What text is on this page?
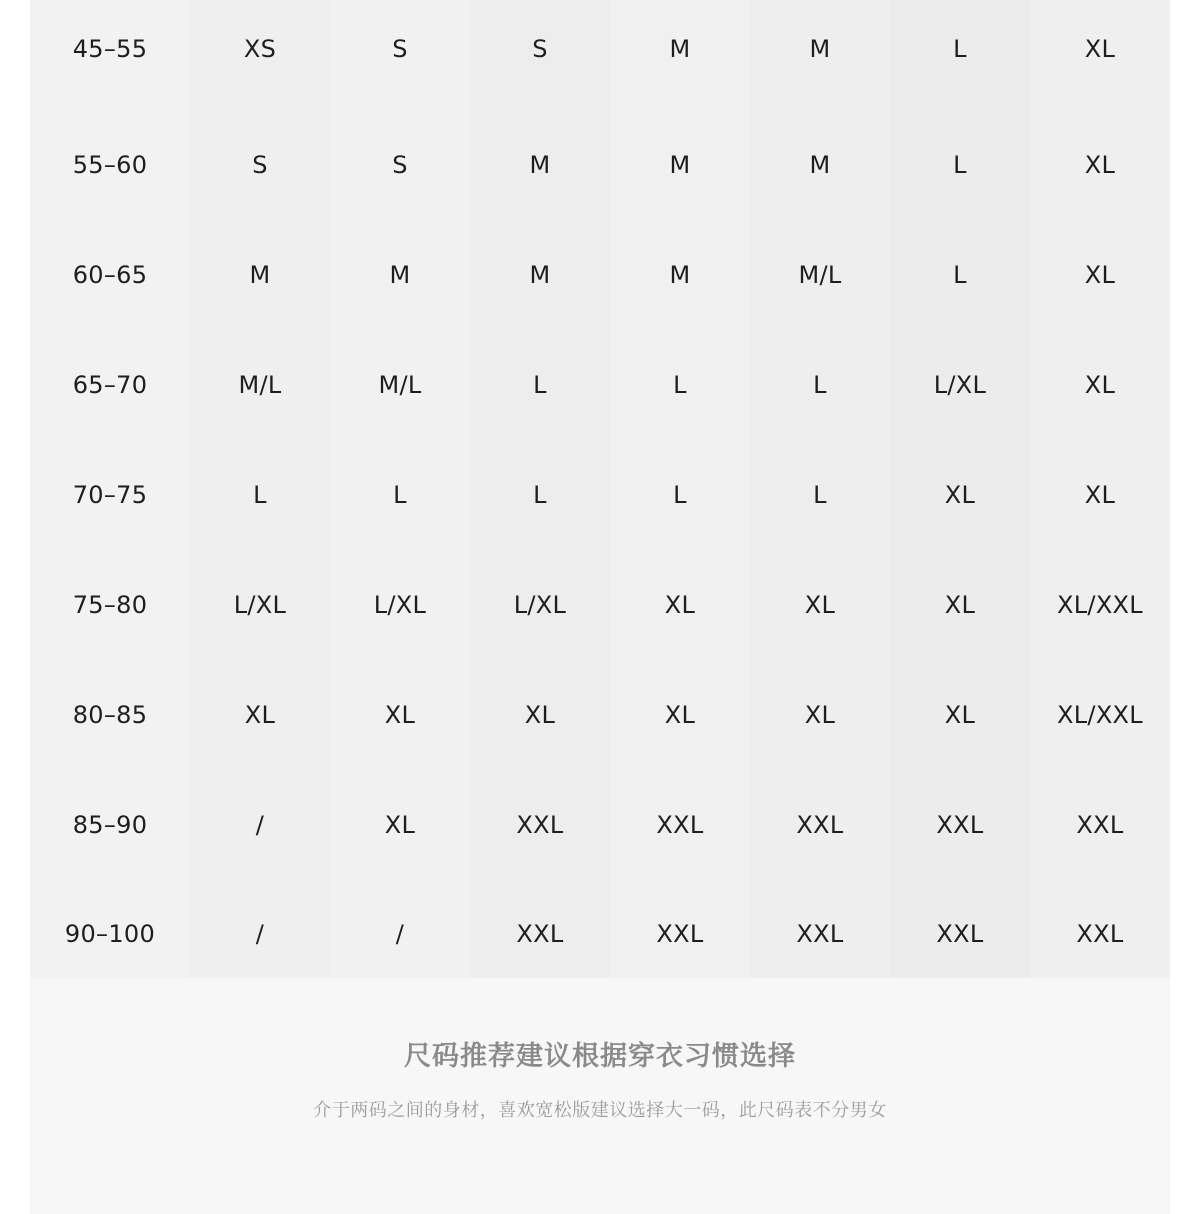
45–55	XS	S	S	M	M	L	XL
55–60	S	S	M	M	M	L	XL
60–65	M	M	M	M	M/L	L	XL
65–70	M/L	M/L	L	L	L	L/XL	XL
70–75	L	L	L	L	L	XL	XL
75–80	L/XL	L/XL	L/XL	XL	XL	XL	XL/XXL
80–85	XL	XL	XL	XL	XL	XL	XL/XXL
85–90	/	XL	XXL	XXL	XXL	XXL	XXL
90–100	/	/	XXL	XXL	XXL	XXL	XXL
尺码推荐建议根据穿衣习惯选择
介于两码之间的身材，喜欢宽松版建议选择大一码，此尺码表不分男女
